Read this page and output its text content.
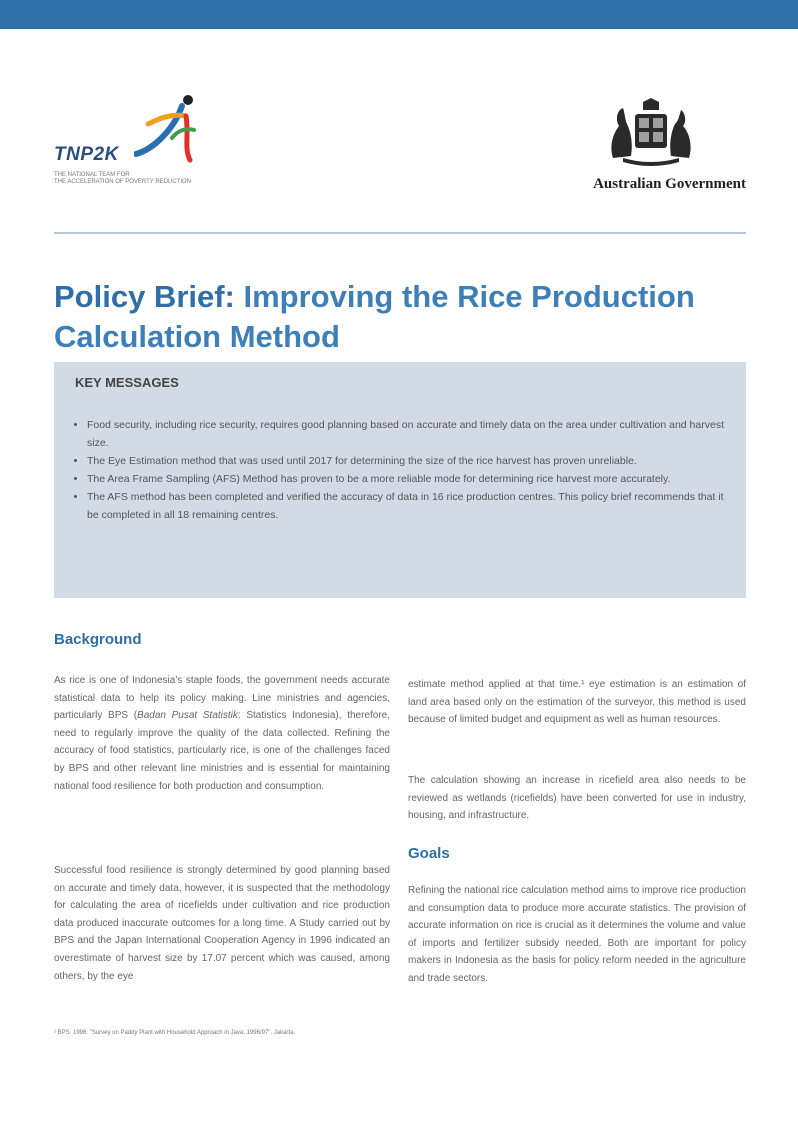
TNP2K
THE NATIONAL TEAM FOR
THE ACCELERATION OF POVERTY REDUCTION	Australian Government
Policy Brief: Improving the Rice Production Calculation Method
KEY MESSAGES
• Food security, including rice security, requires good planning based on accurate and timely data on the area under cultivation and harvest size.
• The Eye Estimation method that was used until 2017 for determining the size of the rice harvest has proven unreliable.
• The Area Frame Sampling (AFS) Method has proven to be a more reliable mode for determining rice harvest more accurately.
• The AFS method has been completed and verified the accuracy of data in 16 rice production centres. This policy brief recommends that it be completed in all 18 remaining centres.
Background

As rice is one of Indonesia's staple foods, the government needs accurate statistical data to help its policy making. Line ministries and agencies, particularly BPS (Badan Pusat Statistik: Statistics Indonesia), therefore, need to regularly improve the quality of the data collected. Refining the accuracy of food statistics, particularly rice, is one of the challenges faced by BPS and other relevant line ministries and is essential for maintaining national food resilience for both production and consumption.

Successful food resilience is strongly determined by good planning based on accurate and timely data, however, it is suspected that the methodology for calculating the area of ricefields under cultivation and rice production data produced inaccurate outcomes for a long time. A Study carried out by BPS and the Japan International Cooperation Agency in 1996 indicated an overestimate of harvest size by 17.07 percent which was caused, among others, by the eye

estimate method applied at that time.¹ eye estimation is an estimation of land area based only on the estimation of the surveyor, this method is used because of limited budget and equipment as well as human resources.

The calculation showing an increase in ricefield area also needs to be reviewed as wetlands (ricefields) have been converted for use in industry, housing, and infrastructure.

Goals

Refining the national rice calculation method aims to improve rice production and consumption data to produce more accurate statistics. The provision of accurate information on rice is crucial as it determines the volume and value of imports and fertilizer subsidy needed. Both are important for policy makers in Indonesia as the basis for policy reform needed in the agriculture and trade sectors.

¹ BPS. 1996. "Survey on Paddy Plant with Household Approach in Java, 1996/97". Jakarta.
